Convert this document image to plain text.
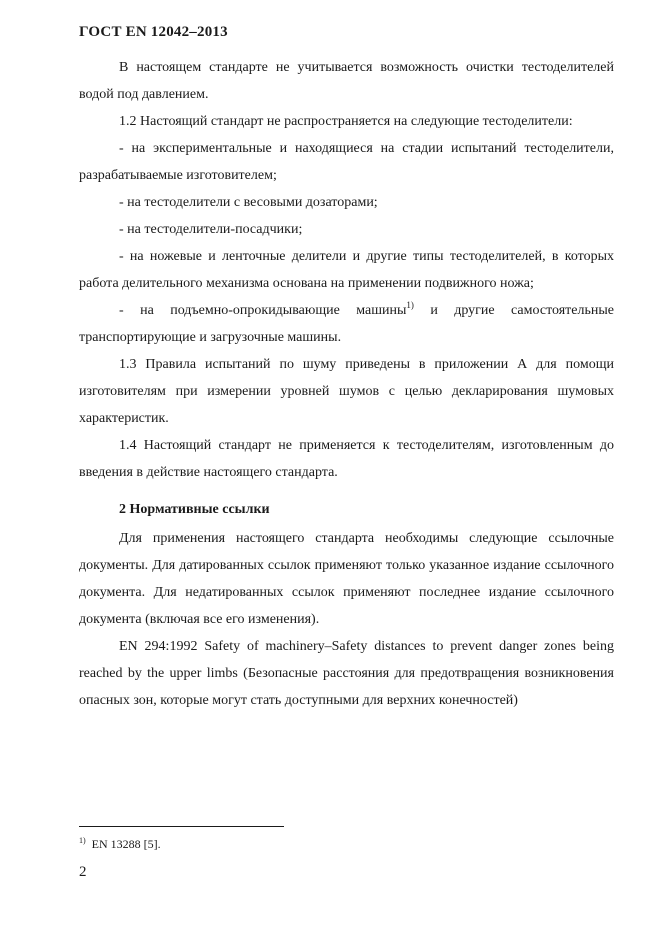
ГОСТ EN 12042–2013

В настоящем стандарте не учитывается возможность очистки тестоделителей водой под давлением.

1.2 Настоящий стандарт не распространяется на следующие тестоделители:

- на экспериментальные и находящиеся на стадии испытаний тестоделители, разрабатываемые изготовителем;

- на тестоделители с весовыми дозаторами;

- на тестоделители-посадчики;

- на ножевые и ленточные делители и другие типы тестоделителей, в которых работа делительного механизма основана на применении подвижного ножа;

- на подъемно-опрокидывающие машины$^{1)}$ и другие самостоятельные транспортирующие и загрузочные машины.

1.3 Правила испытаний по шуму приведены в приложении А для помощи изготовителям при измерении уровней шумов с целью декларирования шумовых характеристик.

1.4 Настоящий стандарт не применяется к тестоделителям, изготовленным до введения в действие настоящего стандарта.

2 Нормативные ссылки

Для применения настоящего стандарта необходимы следующие ссылочные документы. Для датированных ссылок применяют только указанное издание ссылочного документа. Для недатированных ссылок применяют последнее издание ссылочного документа (включая все его изменения).

EN 294:1992 Safety of machinery–Safety distances to prevent danger zones being reached by the upper limbs (Безопасные расстояния для предотвращения возникновения опасных зон, которые могут стать доступными для верхних конечностей)

$^{1)}$ EN 13288 [5].
2
